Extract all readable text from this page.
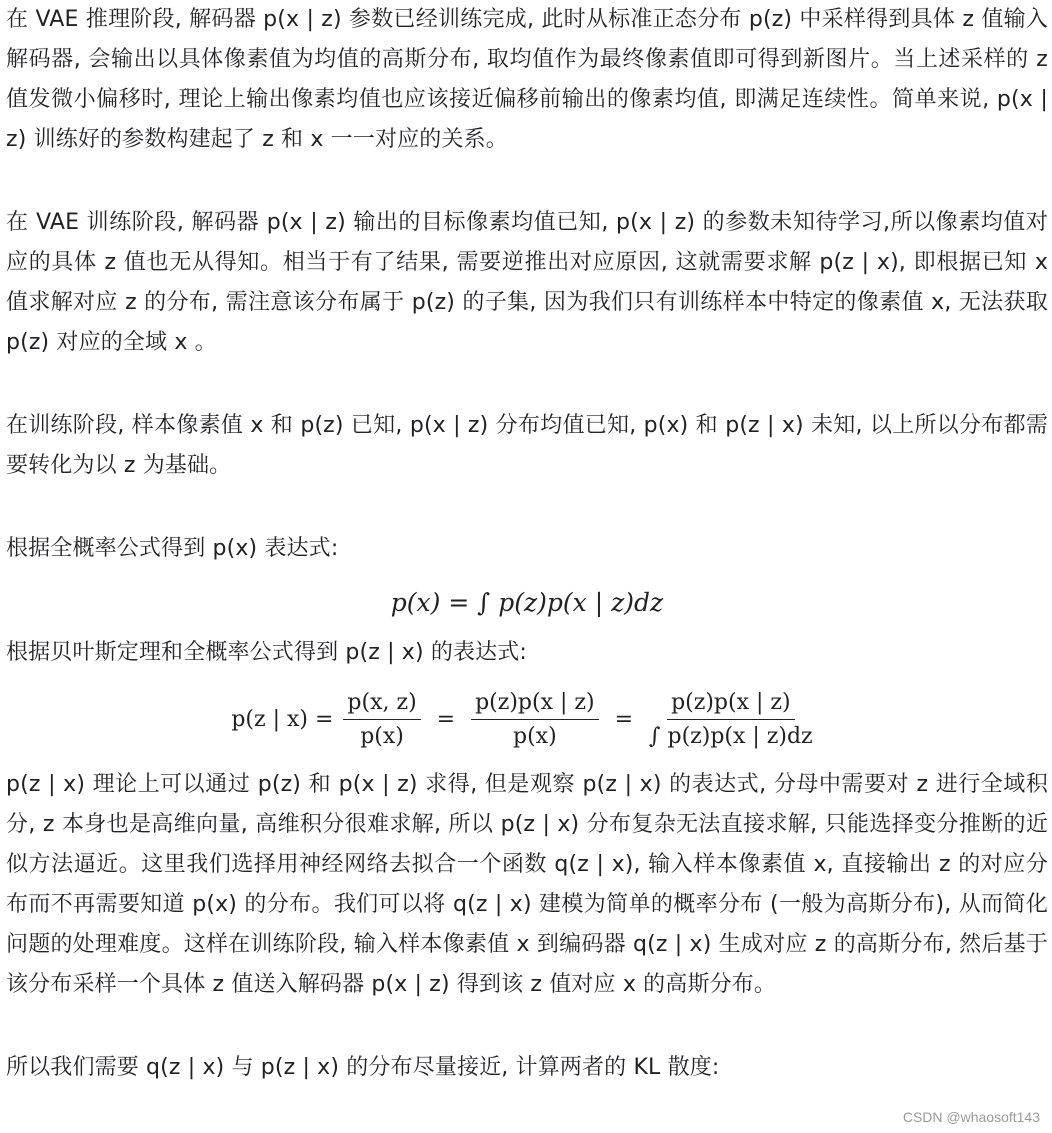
在 VAE 推理阶段, 解码器 p(x | z) 参数已经训练完成, 此时从标准正态分布 p(z) 中采样得到具体 z 值输入解码器, 会输出以具体像素值为均值的高斯分布, 取均值作为最终像素值即可得到新图片。当上述采样的 z 值发微小偏移时, 理论上输出像素均值也应该接近偏移前输出的像素均值, 即满足连续性。简单来说, p(x | z) 训练好的参数构建起了 z 和 x 一一对应的关系。

在 VAE 训练阶段, 解码器 p(x | z) 输出的目标像素均值已知, p(x | z) 的参数未知待学习,所以像素均值对应的具体 z 值也无从得知。相当于有了结果, 需要逆推出对应原因, 这就需要求解 p(z | x), 即根据已知 x 值求解对应 z 的分布, 需注意该分布属于 p(z) 的子集, 因为我们只有训练样本中特定的像素值 x, 无法获取 p(z) 对应的全域 x 。

在训练阶段, 样本像素值 x 和 p(z) 已知, p(x | z) 分布均值已知, p(x) 和 p(z | x) 未知, 以上所以分布都需要转化为以 z 为基础。

根据全概率公式得到 p(x) 表达式:

p(x) = ∫ p(z)p(x | z)dz

根据贝叶斯定理和全概率公式得到 p(z | x) 的表达式:

p(z | $x) = \frac{p(x, z)}{p(x)} = \frac{p(z)p(x | z)}{p(x)} = \frac{p(z)p(x | z)}{\int p(z)p(x | z)dz}$

p(z | x) 理论上可以通过 p(z) 和 p(x | z) 求得, 但是观察 p(z | x) 的表达式, 分母中需要对 z 进行全域积分, z 本身也是高维向量, 高维积分很难求解, 所以 p(z | x) 分布复杂无法直接求解, 只能选择变分推断的近似方法逼近。这里我们选择用神经网络去拟合一个函数 q(z | x), 输入样本像素值 x, 直接输出 z 的对应分布而不再需要知道 p(x) 的分布。我们可以将 q(z | x) 建模为简单的概率分布 (一般为高斯分布), 从而简化问题的处理难度。这样在训练阶段, 输入样本像素值 x 到编码器 q(z | x) 生成对应 z 的高斯分布, 然后基于该分布采样一个具体 z 值送入解码器 p(x | z) 得到该 z 值对应 x 的高斯分布。

所以我们需要 q(z | x) 与 p(z | x) 的分布尽量接近, 计算两者的 KL 散度:

CSDN @whaosoft143
